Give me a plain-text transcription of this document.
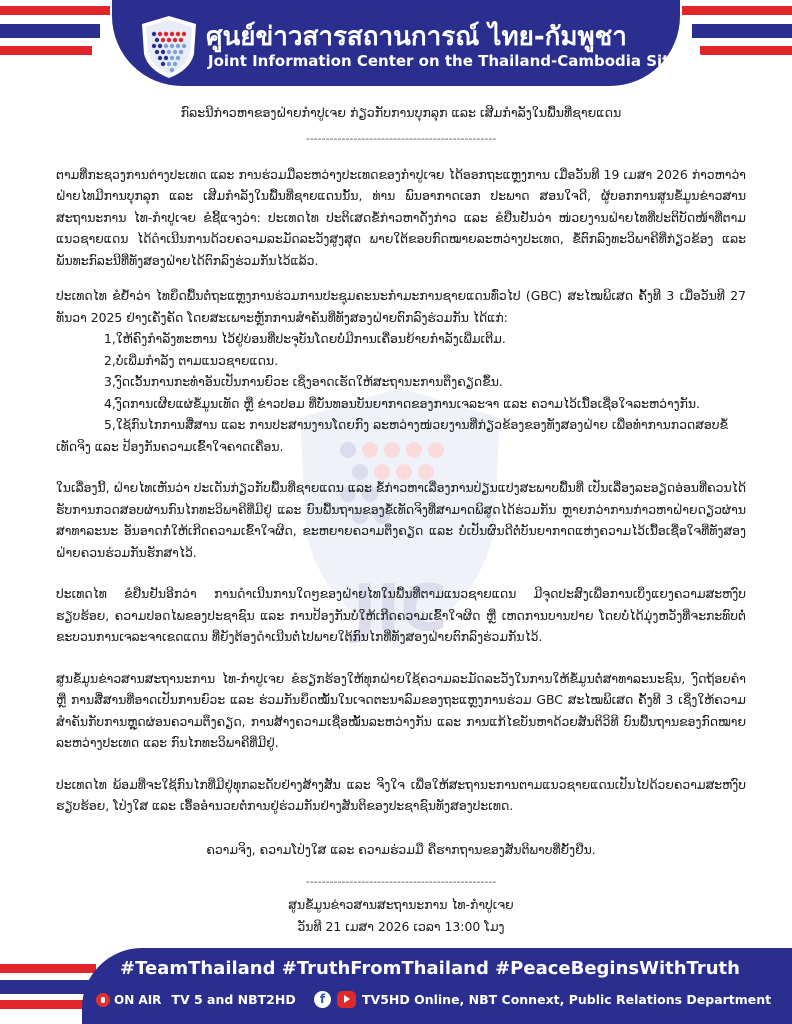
ศูนย์ข่าวสารสถานการณ์ ไทย-กัมพูชา
Joint Information Center on the Thailand-Cambodia Situation
JIC
ກົລະນີກ່າວຫາຂອງຝ່າຍກຳປູເຈຍ ກ່ຽວກັບການບຸກລຸກ ແລະ ເສີມກຳລັງໃນພື້ນທີ່ຊາຍແດນ
------------------------------------------------

ຕາມທີ່ກະຊວງການຕ່າງປະເທດ ແລະ ການຮ່ວມມືລະຫວ່າງປະເທດຂອງກຳປູເຈຍ ໄດ້ອອກຖະແຫຼງການ ເມື່ອວັນທີ 19 ເມສາ 2026 ກ່າວຫາວ່າຝ່າຍໄທມີການບຸກລຸກ ແລະ ເສີມກຳລັງໃນພື້ນທີ່ຊາຍແດນນັ້ນ, ທ່ານ ພົນອາກາດເອກ ປະພາດ ສອນໃຈດີ, ຜູ້ບອກການສູນຂໍ້ມູນຂ່າວສານສະຖານະການ ໄທ-ກຳປູເຈຍ ຂໍຊີ້ແຈງວ່າ: ປະເທດໄທ ປະຕິເສດຂໍ້ກ່າວຫາດັ່ງກ່າວ ແລະ ຂໍຢືນຢັນວ່າ ໜ່ວຍງານຝ່າຍໄທທີ່ປະຕິບັດໜ້າທີ່ຕາມແນວຊາຍແດນ ໄດ້ດຳເນີນການດ້ວຍຄວາມລະມັດລະວັງສູງສຸດ ພາຍໃຕ້ຂອບກົດໝາຍລະຫວ່າງປະເທດ, ຂໍ້ຕົກລົງທະວິພາຄີທີ່ກ່ຽວຂ້ອງ ແລະ ພັນທະກົລະນີທີ່ທັງສອງຝ່າຍໄດ້ຕົກລົງຮ່ວມກັນໄວ້ແລ້ວ.

ປະເທດໄທ ຂໍຢ້ຳວ່າ ໄທຍຶດພື້ນຕໍ່ຖະແຫຼງການຮ່ວມການປະຊຸມຄະນະກຳມະການຊາຍແດນທົ່ວໄປ (GBC) ສະໄໝພິເສດ ຄັ້ງທີ 3 ເມື່ອວັນທີ 27 ທັນວາ 2025 ຢ່າງເຄັ່ງຄັດ ໂດຍສະເພາະຫຼັກການສຳຄັນທີ່ທັງສອງຝ່າຍຕົກລົງຮ່ວມກັນ ໄດ້ແກ່:

1,ໃຫ້ຄົງກຳລັງທະຫານ ໄວ້ຢູ່ບ່ອນທີ່ປະຈຸບັນໂດຍບໍ່ມີການເຄື່ອນຍ້າຍກຳລັງເພີ່ມເຕີມ.
2,ບໍ່ເພີ່ມກຳລັງ ຕາມແນວຊາຍແດນ.
3,ງົດເວັ້ນການກະທຳອັນເປັນການຍົວະ ເຊິ່ງອາດເຮັດໃຫ້ສະຖານະການຕຶງຄຽດຂຶ້ນ.
4,ງົດການເຜີຍແຜ່ຂໍ້ມູນເທັດ ຫຼື ຂ່າວປອມ ທີ່ບັ່ນທອນບັນຍາກາດຂອງການເຈລະຈາ ແລະ ຄວາມໄວ້ເນື້ອເຊື່ອໃຈລະຫວ່າງກັນ.
5,ໃຊ້ກົນໄກການສື່ສານ ແລະ ການປະສານງານໂດຍກົງ ລະຫວ່າງໜ່ວຍງານທີ່ກ່ຽວຂ້ອງຂອງທັງສອງຝ່າຍ ເພື່ອທຳການກວດສອບຂໍ້ເທັດຈິງ ແລະ ປ້ອງກັນຄວາມເຂົ້າໃຈຄາດເຄື່ອນ.

ໃນເລື່ອງນີ້, ຝ່າຍໄທເຫັນວ່າ ປະເດັນກ່ຽວກັບພື້ນທີ່ຊາຍແດນ ແລະ ຂໍ້ກ່າວຫາເລື່ອງການປ່ຽນແປງສະພາບພື້ນທີ່ ເປັນເລື່ອງລະອຽດອ່ອນທີ່ຄວນໄດ້ຮັບການກວດສອບຜ່ານກົນໄກທະວິພາຄີທີ່ມີຢູ່ ແລະ ບົນພື້ນຖານຂອງຂໍ້ເທັດຈິງທີ່ສາມາດພິສູດໄດ້ຮ່ວມກັນ ຫຼາຍກວ່າການກ່າວຫາຝ່າຍດຽວຜ່ານສາທາລະນະ ອັນອາດກໍ່ໃຫ້ເກີດຄວາມເຂົ້າໃຈຜິດ, ຂະຫຍາຍຄວາມຕຶງຄຽດ ແລະ ບໍ່ເປັນຜົນດີຕໍ່ບັນຍາກາດແຫ່ງຄວາມໄວ້ເນື້ອເຊື່ອໃຈທີ່ທັງສອງຝ່າຍຄວນຮ່ວມກັນຮັກສາໄວ້.

ປະເທດໄທ ຂໍຢືນຢັນອີກວ່າ ການດຳເນີນການໃດໆຂອງຝ່າຍໄທໃນພື້ນທີ່ຕາມແນວຊາຍແດນ ມີຈຸດປະສົງເພື່ອການເບິ່ງແຍງຄວາມສະຫງົບຮຽບຮ້ອຍ, ຄວາມປອດໄພຂອງປະຊາຊົນ ແລະ ການປ້ອງກັນບໍ່ໃຫ້ເກີດຄວາມເຂົ້າໃຈຜິດ ຫຼື ເຫດການບານປາຍ ໂດຍບໍ່ໄດ້ມຸ່ງຫວັງທີ່ຈະກະທົບຕໍ່ຂະບວນການເຈລະຈາເຂດແດນ ທີ່ຍັງຕ້ອງດຳເນີນຕໍ່ໄປພາຍໃຕ້ກົນໄກທີ່ທັງສອງຝ່າຍຕົກລົງຮ່ວມກັນໄວ້.

ສູນຂໍ້ມູນຂ່າວສານສະຖານະການ ໄທ-ກຳປູເຈຍ ຂໍຮຽກຮ້ອງໃຫ້ທຸກຝ່າຍໃຊ້ຄວາມລະມັດລະວັງໃນການໃຫ້ຂໍ້ມູນຕໍ່ສາທາລະນະຊົນ, ງົດຖ້ອຍຄຳຫຼື ການສື່ສານທີ່ອາດເປັນການຍົວະ ແລະ ຮ່ວມກັນຍຶດໝັ້ນໃນເຈດຕະນາລົມຂອງຖະແຫຼງການຮ່ວມ GBC ສະໄໝພິເສດ ຄັ້ງທີ 3 ເຊິ່ງໃຫ້ຄວາມສຳຄັນກັບການຫຼຸດຜ່ອນຄວາມຕຶງຄຽດ, ການສ້າງຄວາມເຊື່ອໝັ້ນລະຫວ່າງກັນ ແລະ ການແກ້ໄຂບັນຫາດ້ວຍສັນຕິວິທີ ບົນພື້ນຖານຂອງກົດໝາຍລະຫວ່າງປະເທດ ແລະ ກົນໄກທະວິພາຄີທີ່ມີຢູ່.

ປະເທດໄທ ພ້ອມທີ່ຈະໃຊ້ກົນໄກທີ່ມີຢູ່ທຸກລະດັບຢ່າງສ້າງສັນ ແລະ ຈິງໃຈ ເພື່ອໃຫ້ສະຖານະການຕາມແນວຊາຍແດນເປັນໄປດ້ວຍຄວາມສະຫງົບຮຽບຮ້ອຍ, ໂປ່ງໃສ ແລະ ເອື້ອອຳນວຍຕໍ່ການຢູ່ຮ່ວມກັນຢ່າງສັນຕິຂອງປະຊາຊົນທັງສອງປະເທດ.

ຄວາມຈິງ, ຄວາມໂປ່ງໃສ ແລະ ຄວາມຮ່ວມມື ຄືຮາກຖານຂອງສັນຕິພາບທີ່ຍັ້ງຢືນ.
------------------------------------------------
ສູນຂໍ້ມູນຂ່າວສານສະຖານະການ ໄທ-ກຳປູເຈຍ
ວັນທີ 21 ເມສາ 2026 ເວລາ 13:00 ໂມງ
#TeamThailand #TruthFromThailand #PeaceBeginsWithTruth
ON AIR TV 5 and NBT2HD	f	TV5HD Online, NBT Connext, Public Relations Department
